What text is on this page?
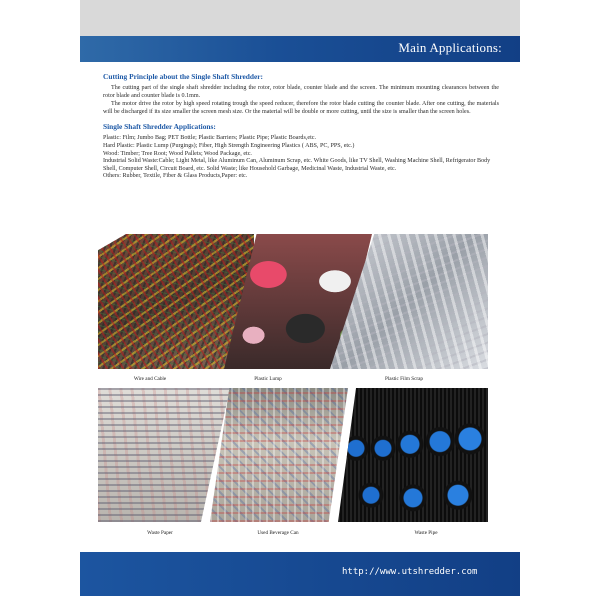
Main Applications:
Cutting Principle about the Single Shaft Shredder:

The cutting part of the single shaft shredder including the rotor, rotor blade, counter blade and the screen. The minimum mounting clearances between the rotor blade and counter blade is 0.1mm.

The motor drive the rotor by high speed rotating trough the speed reducer, therefore the rotor blade cutting the counter blade. After one cutting, the materials will be discharged if its size smaller the screen mesh size. Or the material will be double or more cutting, until the size is smaller than the screen holes.

Single Shaft Shredder Applications:
Plastic: Film; Jumbo Bag; PET Bottle; Plastic Barriers; Plastic Pipe; Plastic Boards,etc.
Hard Plastic: Plastic Lump (Purgings); Fiber, High Strength Engineering Plastics ( ABS, PC, PPS, etc.)
Wood: Timber; Tree Root; Wood Pallets; Wood Package, etc.
Industrial Solid Waste:Cable; Light Metal, like Aluminum Can, Aluminum Scrap, etc. White Goods, like TV Shell, Washing Machine Shell, Refrigerator Body Shell, Computer Shell, Circuit Board, etc. Solid Waste; like Household Garbage, Medicinal Waste, Industrial Waste, etc.
Others: Rubber, Textile, Fiber & Glass Products,Paper: etc.
Wire and Cable	Plastic Lump	Plastic Film Scrap
Waste Paper	Used Beverage Can	Waste Pipe
http://www.utshredder.com
